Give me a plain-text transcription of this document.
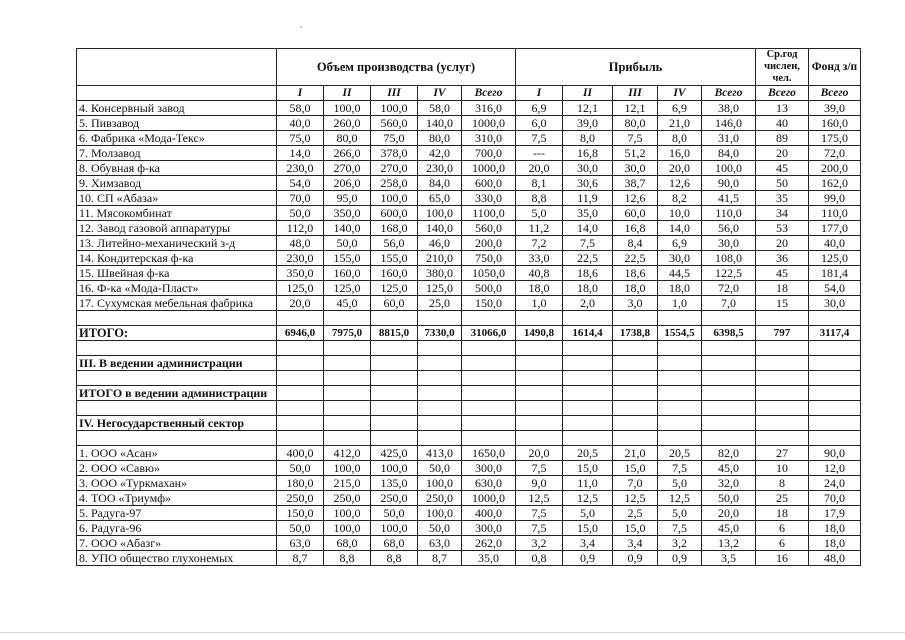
	Объем производства (услуг)					Прибыль					Ср.год числен, чел.	Фонд з/п
	I	II	III	IV	Всего	I	II	III	IV	Всего	Всего	Всего
4. Консервный завод	58,0	100,0	100,0	58,0	316,0	6,9	12,1	12,1	6,9	38,0	13	39,0
5. Пивзавод	40,0	260,0	560,0	140,0	1000,0	6,0	39,0	80,0	21,0	146,0	40	160,0
6. Фабрика «Мода-Текс»	75,0	80,0	75,0	80,0	310,0	7,5	8,0	7,5	8,0	31,0	89	175,0
7. Молзавод	14,0	266,0	378,0	42,0	700,0	---	16,8	51,2	16,0	84,0	20	72,0
8. Обувная ф-ка	230,0	270,0	270,0	230,0	1000,0	20,0	30,0	30,0	20,0	100,0	45	200,0
9. Химзавод	54,0	206,0	258,0	84,0	600,0	8,1	30,6	38,7	12,6	90,0	50	162,0
10. СП «Абаза»	70,0	95,0	100,0	65,0	330,0	8,8	11,9	12,6	8,2	41,5	35	99,0
11. Мясокомбинат	50,0	350,0	600,0	100,0	1100,0	5,0	35,0	60,0	10,0	110,0	34	110,0
12. Завод газовой аппаратуры	112,0	140,0	168,0	140,0	560,0	11,2	14,0	16,8	14,0	56,0	53	177,0
13. Литейно-механический з-д	48,0	50,0	56,0	46,0	200,0	7,2	7,5	8,4	6,9	30,0	20	40,0
14. Кондитерская ф-ка	230,0	155,0	155,0	210,0	750,0	33,0	22,5	22,5	30,0	108,0	36	125,0
15. Швейная ф-ка	350,0	160,0	160,0	380,0	1050,0	40,8	18,6	18,6	44,5	122,5	45	181,4
16. Ф-ка «Мода-Пласт»	125,0	125,0	125,0	125,0	500,0	18,0	18,0	18,0	18,0	72,0	18	54,0
17. Сухумская мебельная фабрика	20,0	45,0	60,0	25,0	150,0	1,0	2,0	3,0	1,0	7,0	15	30,0

ИТОГО:	6946,0	7975,0	8815,0	7330,0	31066,0	1490,8	1614,4	1738,8	1554,5	6398,5	797	3117,4

III. В ведении администрации												

ИТОГО в ведении администрации												

IV. Негосударственный сектор												

1. ООО «Асан»	400,0	412,0	425,0	413,0	1650,0	20,0	20,5	21,0	20,5	82,0	27	90,0
2. ООО «Савю»	50,0	100,0	100,0	50,0	300,0	7,5	15,0	15,0	7,5	45,0	10	12,0
3. ООО «Туркмахан»	180,0	215,0	135,0	100,0	630,0	9,0	11,0	7,0	5,0	32,0	8	24,0
4. ТОО «Триумф»	250,0	250,0	250,0	250,0	1000,0	12,5	12,5	12,5	12,5	50,0	25	70,0
5. Радуга-97	150,0	100,0	50,0	100,0	400,0	7,5	5,0	2,5	5,0	20,0	18	17,9
6. Радуга-96	50,0	100,0	100,0	50,0	300,0	7,5	15,0	15,0	7,5	45,0	6	18,0
7. ООО «Абазг»	63,0	68,0	68,0	63,0	262,0	3,2	3,4	3,4	3,2	13,2	6	18,0
8. УПО общество глухонемых	8,7	8,8	8,8	8,7	35,0	0,8	0,9	0,9	0,9	3,5	16	48,0
